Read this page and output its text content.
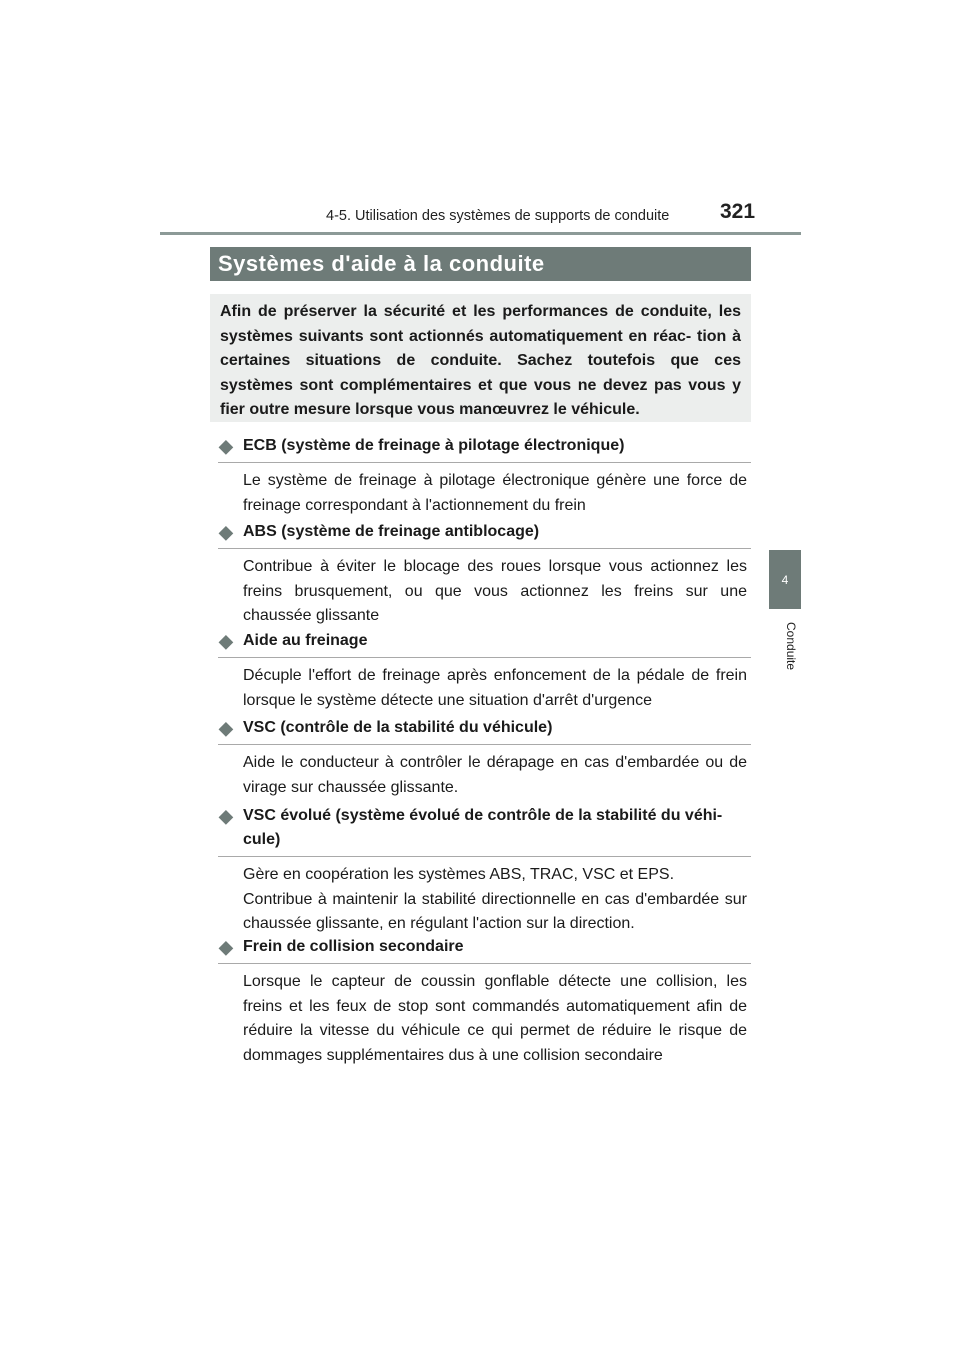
4-5. Utilisation des systèmes de supports de conduite 321
4
Conduite
Systèmes d'aide à la conduite
Afin de préserver la sécurité et les performances de conduite, les systèmes suivants sont actionnés automatiquement en réac- tion à certaines situations de conduite. Sachez toutefois que ces systèmes sont complémentaires et que vous ne devez pas vous y fier outre mesure lorsque vous manœuvrez le véhicule.
◆ ECB (système de freinage à pilotage électronique)
Le système de freinage à pilotage électronique génère une force de freinage correspondant à l'actionnement du frein
◆ ABS (système de freinage antiblocage)
Contribue à éviter le blocage des roues lorsque vous actionnez les freins brusquement, ou que vous actionnez les freins sur une chaussée glissante
◆ Aide au freinage
Décuple l'effort de freinage après enfoncement de la pédale de frein lorsque le système détecte une situation d'arrêt d'urgence
◆ VSC (contrôle de la stabilité du véhicule)
Aide le conducteur à contrôler le dérapage en cas d'embardée ou de virage sur chaussée glissante.
◆ VSC évolué (système évolué de contrôle de la stabilité du véhi- cule)
Gère en coopération les systèmes ABS, TRAC, VSC et EPS.
Contribue à maintenir la stabilité directionnelle en cas d'embardée sur chaussée glissante, en régulant l'action sur la direction.
◆ Frein de collision secondaire
Lorsque le capteur de coussin gonflable détecte une collision, les freins et les feux de stop sont commandés automatiquement afin de réduire la vitesse du véhicule ce qui permet de réduire le risque de dommages supplémentaires dus à une collision secondaire
